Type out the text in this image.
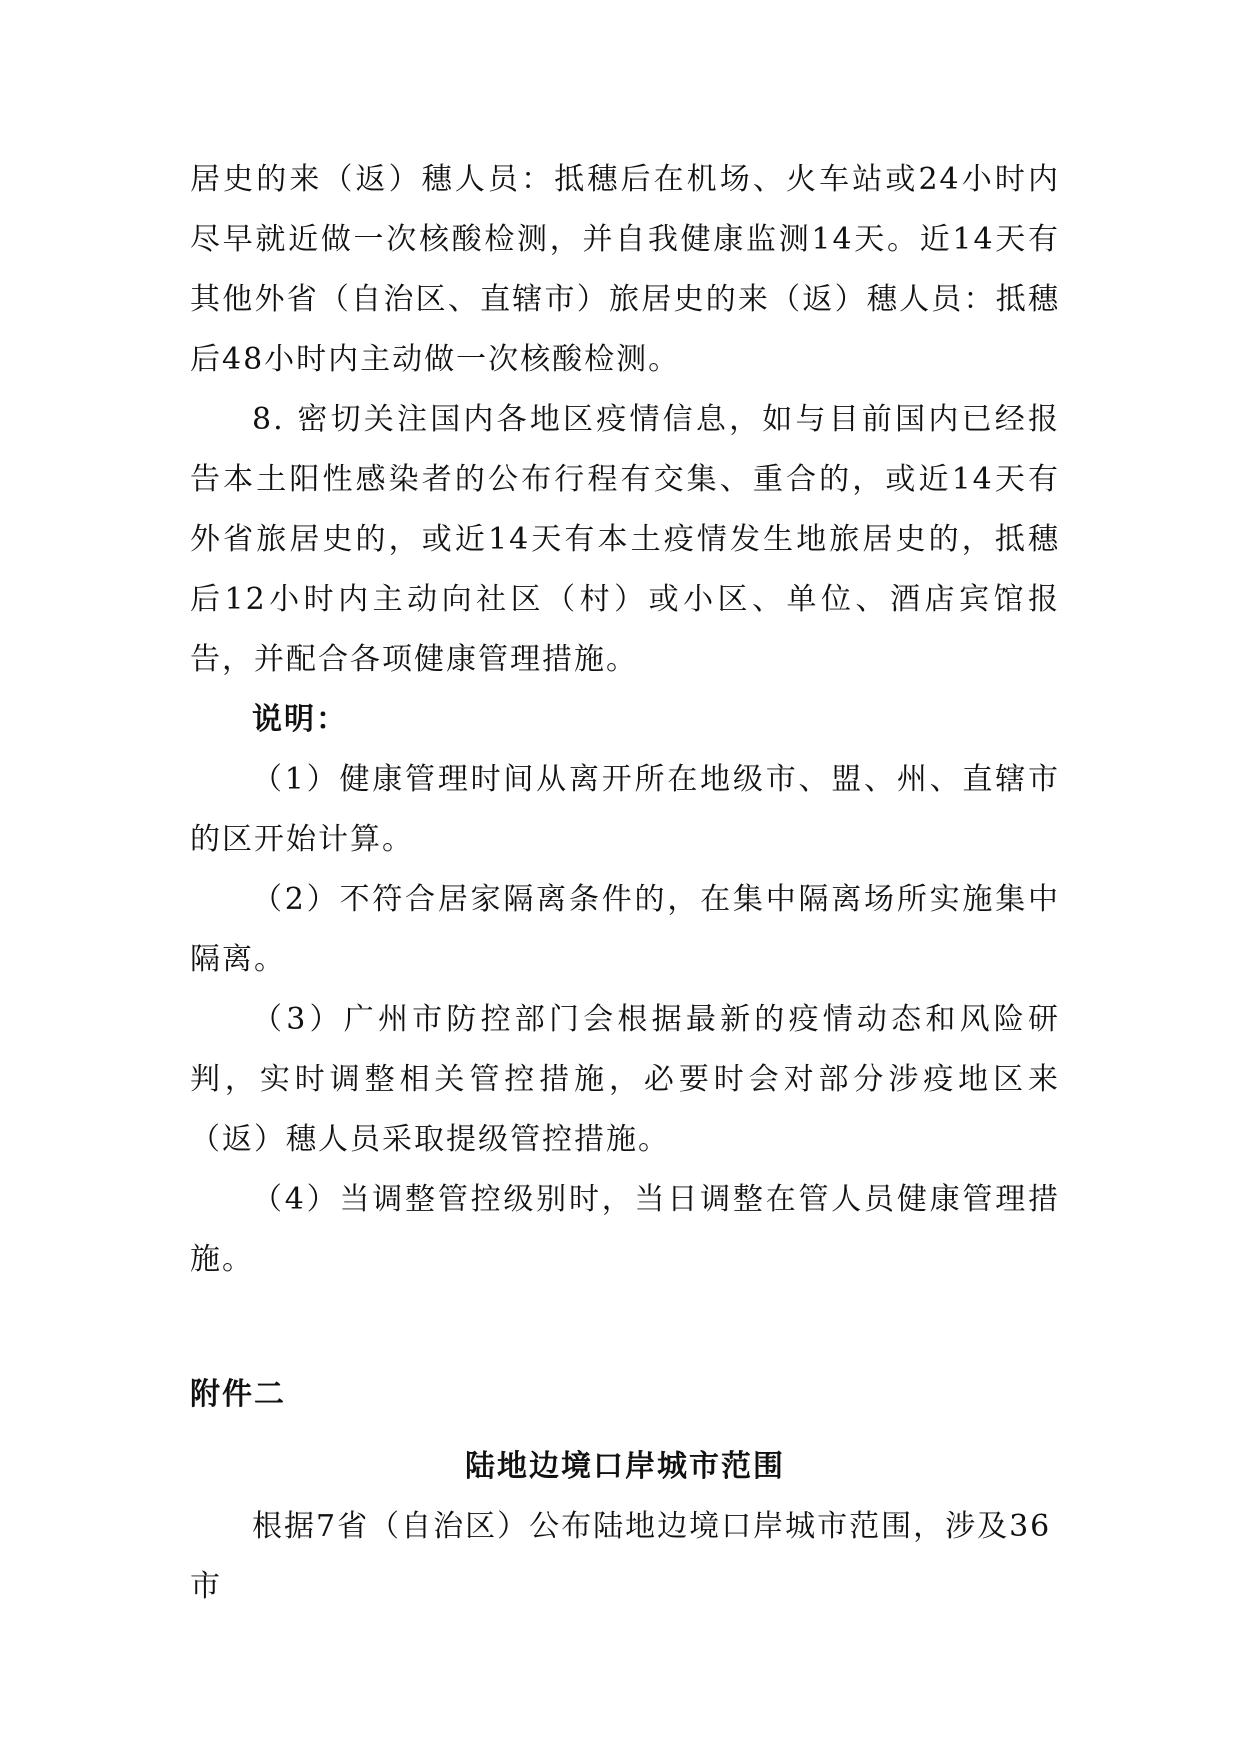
居史的来（返）穗人员：抵穗后在机场、火车站或24小时内尽早就近做一次核酸检测，并自我健康监测14天。近14天有其他外省（自治区、直辖市）旅居史的来（返）穗人员：抵穗后48小时内主动做一次核酸检测。

8. 密切关注国内各地区疫情信息，如与目前国内已经报告本土阳性感染者的公布行程有交集、重合的，或近14天有外省旅居史的，或近14天有本土疫情发生地旅居史的，抵穗后12小时内主动向社区（村）或小区、单位、酒店宾馆报告，并配合各项健康管理措施。

说明：

（1）健康管理时间从离开所在地级市、盟、州、直辖市的区开始计算。

（2）不符合居家隔离条件的，在集中隔离场所实施集中隔离。

（3）广州市防控部门会根据最新的疫情动态和风险研判，实时调整相关管控措施，必要时会对部分涉疫地区来（返）穗人员采取提级管控措施。

（4）当调整管控级别时，当日调整在管人员健康管理措施。

附件二

陆地边境口岸城市范围

根据7省（自治区）公布陆地边境口岸城市范围，涉及36市
